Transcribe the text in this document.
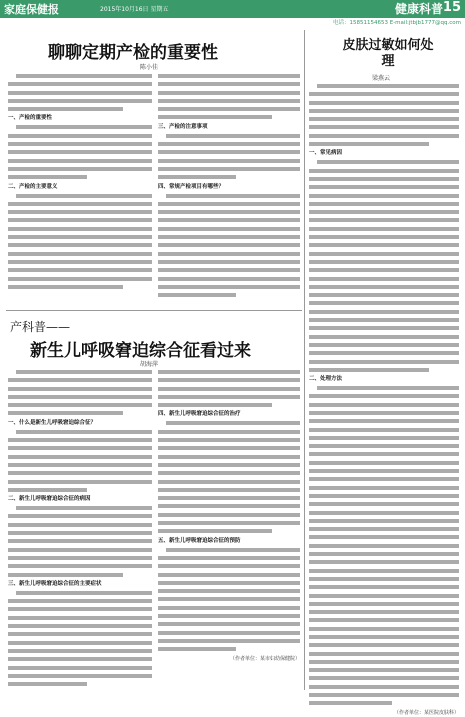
家庭保健报	2015年10月16日 星期五	健康科普 15
电话：15851154653 E-mail:jtbjb1777@qq.com
聊聊定期产检的重要性
陈小佳
一、产检的重要性
二、产检的主要意义
三、产检的注意事项
四、常规产检项目有哪些？
皮肤过敏如何处理
梁燕云
一、常见病因
二、处理方法
（作者单位：某医院皮肤科）
产科普——
新生儿呼吸窘迫综合征看过来
胡海萍
一、什么是新生儿呼吸窘迫综合征？
二、新生儿呼吸窘迫综合征的病因
三、新生儿呼吸窘迫综合征的主要症状
四、新生儿呼吸窘迫综合征的治疗
五、新生儿呼吸窘迫综合征的预防
（作者单位：某市妇幼保健院）
